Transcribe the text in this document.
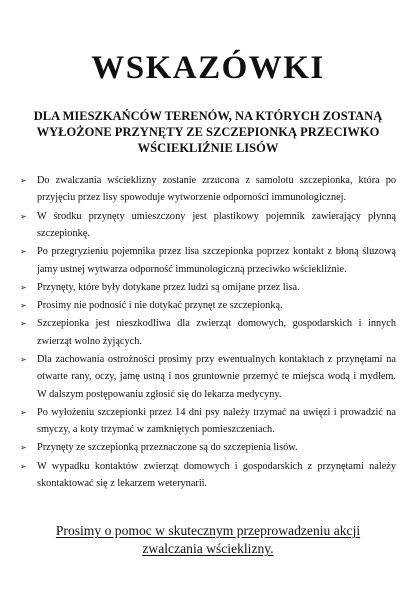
WSKAZÓWKI
DLA MIESZKAŃCÓW TERENÓW, NA KTÓRYCH ZOSTANĄ
WYŁOŻONE PRZYNĘTY ZE SZCZEPIONKĄ PRZECIWKO
WŚCIEKLIŹNIE LISÓW
➢ Do zwalczania wścieklizny zostanie zrzucona z samolotu szczepionka, która po przyjęciu przez lisy spowoduje wytworzenie odporności immunologicznej.
➢ W środku przynęty umieszczony jest plastikowy pojemnik zawierający płynną szczepionkę.
➢ Po przegryzieniu pojemnika przez lisa szczepionka poprzez kontakt z błoną śluzową jamy ustnej wytwarza odporność immunologiczną przeciwko wściekliźnie.
➢ Przynęty, które były dotykane przez ludzi są omijane przez lisa.
➢ Prosimy nie podnosić i nie dotykać przynęt ze szczepionką.
➢ Szczepionka jest nieszkodliwa dla zwierząt domowych, gospodarskich i innych zwierząt wolno żyjących.
➢ Dla zachowania ostrożności prosimy przy ewentualnych kontaktach z przynętami na otwarte rany, oczy, jamę ustną i nos gruntownie przemyć te miejsca wodą i mydłem. W dalszym postępowaniu zgłosić się do lekarza medycyny.
➢ Po wyłożeniu szczepionki przez 14 dni psy należy trzymać na uwięzi i prowadzić na smyczy, a koty trzymać w zamkniętych pomieszczeniach.
➢ Przynęty ze szczepionką przeznaczone są do szczepienia lisów.
➢ W wypadku kontaktów zwierząt domowych i gospodarskich z przynętami należy skontaktować się z lekarzem weterynarii.

Prosimy o pomoc w skutecznym przeprowadzeniu akcji
zwalczania wścieklizny.
